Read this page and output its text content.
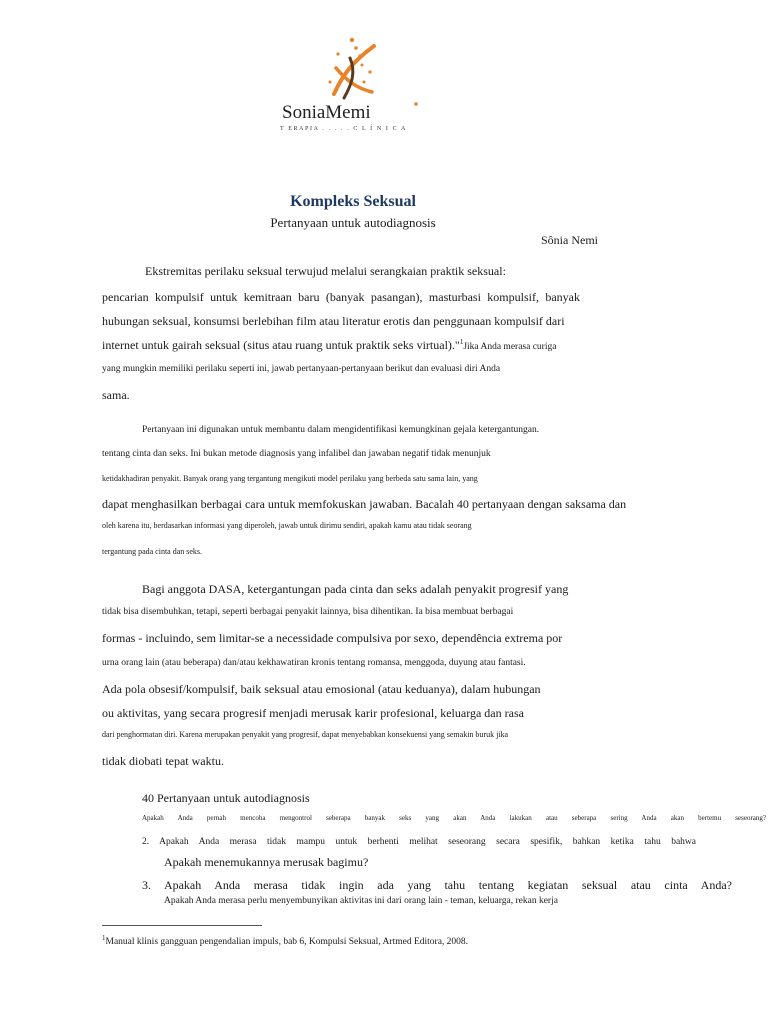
SoniaMemi
T ERAPIA . . . . . C L Í N I C A
Kompleks Seksual
Pertanyaan untuk autodiagnosis
Sônia Nemi
Ekstremitas perilaku seksual terwujud melalui serangkaian praktik seksual:
pencarian kompulsif untuk kemitraan baru (banyak pasangan), masturbasi kompulsif, banyak
hubungan seksual, konsumsi berlebihan film atau literatur erotis dan penggunaan kompulsif dari
internet untuk gairah seksual (situs atau ruang untuk praktik seks virtual)."$^1$Jika Anda merasa curiga
yang mungkin memiliki perilaku seperti ini, jawab pertanyaan-pertanyaan berikut dan evaluasi diri Anda
sama.
Pertanyaan ini digunakan untuk membantu dalam mengidentifikasi kemungkinan gejala ketergantungan.
tentang cinta dan seks. Ini bukan metode diagnosis yang infalibel dan jawaban negatif tidak menunjuk
ketidakhadiran penyakit. Banyak orang yang tergantung mengikuti model perilaku yang berbeda satu sama lain, yang
dapat menghasilkan berbagai cara untuk memfokuskan jawaban. Bacalah 40 pertanyaan dengan saksama dan
oleh karena itu, berdasarkan informasi yang diperoleh, jawab untuk dirimu sendiri, apakah kamu atau tidak seorang
tergantung pada cinta dan seks.
Bagi anggota DASA, ketergantungan pada cinta dan seks adalah penyakit progresif yang
tidak bisa disembuhkan, tetapi, seperti berbagai penyakit lainnya, bisa dihentikan. Ia bisa membuat berbagai
formas - incluindo, sem limitar-se a necessidade compulsiva por sexo, dependência extrema por
urna orang lain (atau beberapa) dan/atau kekhawatiran kronis tentang romansa, menggoda, duyung atau fantasi.
Ada pola obsesif/kompulsif, baik seksual atau emosional (atau keduanya), dalam hubungan
ou aktivitas, yang secara progresif menjadi merusak karir profesional, keluarga dan rasa
dari penghormatan diri. Karena merupakan penyakit yang progresif, dapat menyebabkan konsekuensi yang semakin buruk jika
tidak diobati tepat waktu.
40 Pertanyaan untuk autodiagnosis
Apakah Anda pernah mencoba mengontrol seberapa banyak seks yang akan Anda lakukan atau seberapa sering Anda akan bertemu seseorang?
2. Apakah Anda merasa tidak mampu untuk berhenti melihat seseorang secara spesifik, bahkan ketika tahu bahwa
Apakah menemukannya merusak bagimu?
3. Apakah Anda merasa tidak ingin ada yang tahu tentang kegiatan seksual atau cinta Anda?
Apakah Anda merasa perlu menyembunyikan aktivitas ini dari orang lain - teman, keluarga, rekan kerja
$^1$Manual klinis gangguan pengendalian impuls, bab 6, Kompulsi Seksual, Artmed Editora, 2008.
